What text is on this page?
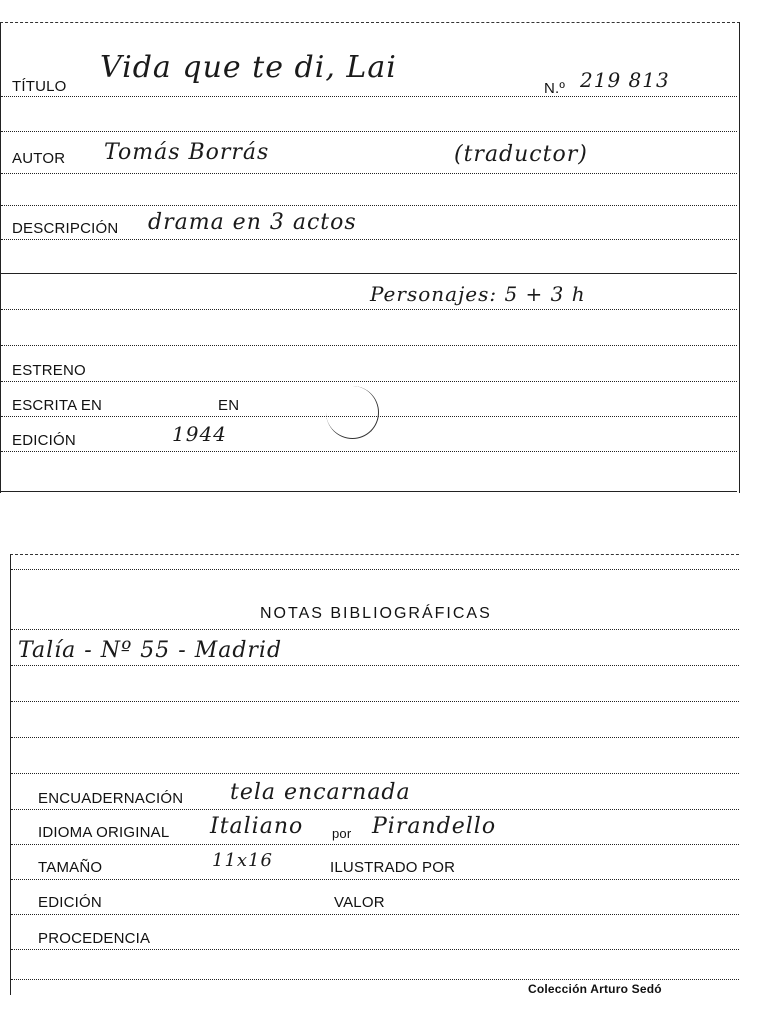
TÍTULO
Vida que te di, Lai
N.º 219 813
AUTOR Tomás Borrás	(traductor)
DESCRIPCIÓN drama en 3 actos
Personajes: 5 + 3 h
ESTRENO
ESCRITA EN	EN
EDICIÓN	1944
NOTAS BIBLIOGRÁFICAS
Talía - Nº 55 - Madrid
ENCUADERNACIÓN tela encarnada
IDIOMA ORIGINAL Italiano por Pirandello
TAMAÑO	11x16	ILUSTRADO POR
EDICIÓN	VALOR
PROCEDENCIA
Colección Arturo Sedó
